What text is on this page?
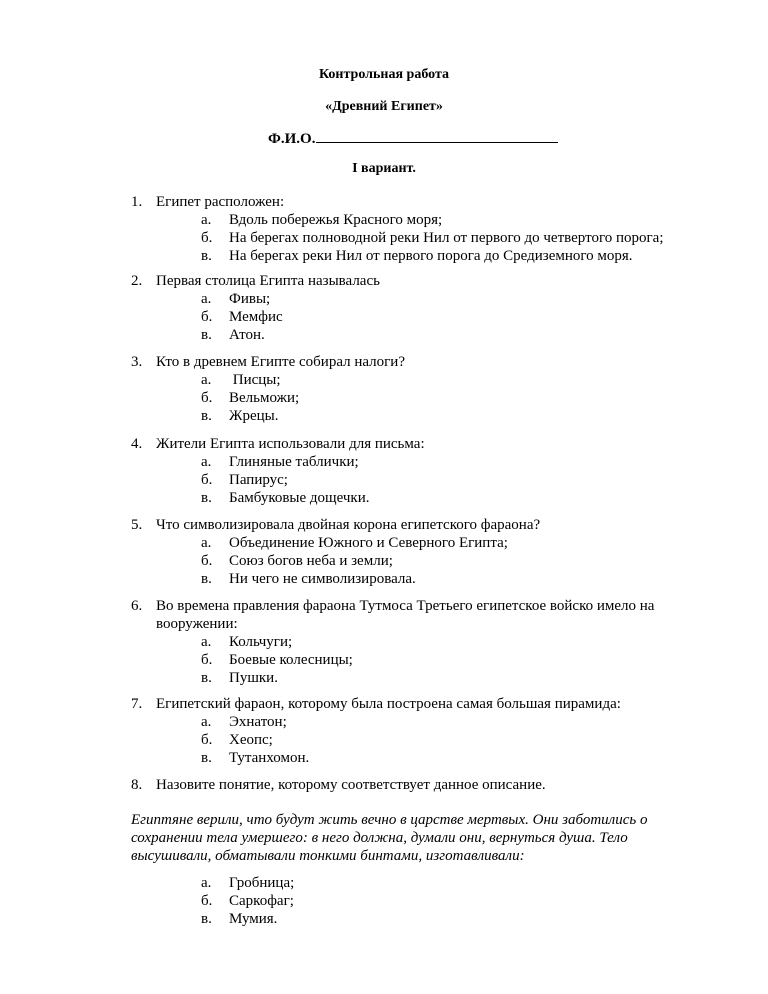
Контрольная работа
«Древний Египет»
Ф.И.О.
I вариант.
1. Египет расположен:
а. Вдоль побережья Красного моря;
б. На берегах полноводной реки Нил от первого до четвертого порога;
в. На берегах реки Нил от первого порога до Средиземного моря.
2. Первая столица Египта называлась
а. Фивы;
б. Мемфис
в. Атон.
3. Кто в древнем Египте собирал налоги?
а. Писцы;
б. Вельможи;
в. Жрецы.
4. Жители Египта использовали для письма:
а. Глиняные таблички;
б. Папирус;
в. Бамбуковые дощечки.
5. Что символизировала двойная корона египетского фараона?
а. Объединение Южного и Северного Египта;
б. Союз богов неба и земли;
в. Ни чего не символизировала.
6. Во времена правления фараона Тутмоса Третьего египетское войско имело на вооружении:
а. Кольчуги;
б. Боевые колесницы;
в. Пушки.
7. Египетский фараон, которому была построена самая большая пирамида:
а. Эхнатон;
б. Хеопс;
в. Тутанхомон.
8. Назовите понятие, которому соответствует данное описание.
Египтяне верили, что будут жить вечно в царстве мертвых. Они заботились о сохранении тела умершего: в него должна, думали они, вернуться душа. Тело высушивали, обматывали тонкими бинтами, изготавливали:
а. Гробница;
б. Саркофаг;
в. Мумия.
